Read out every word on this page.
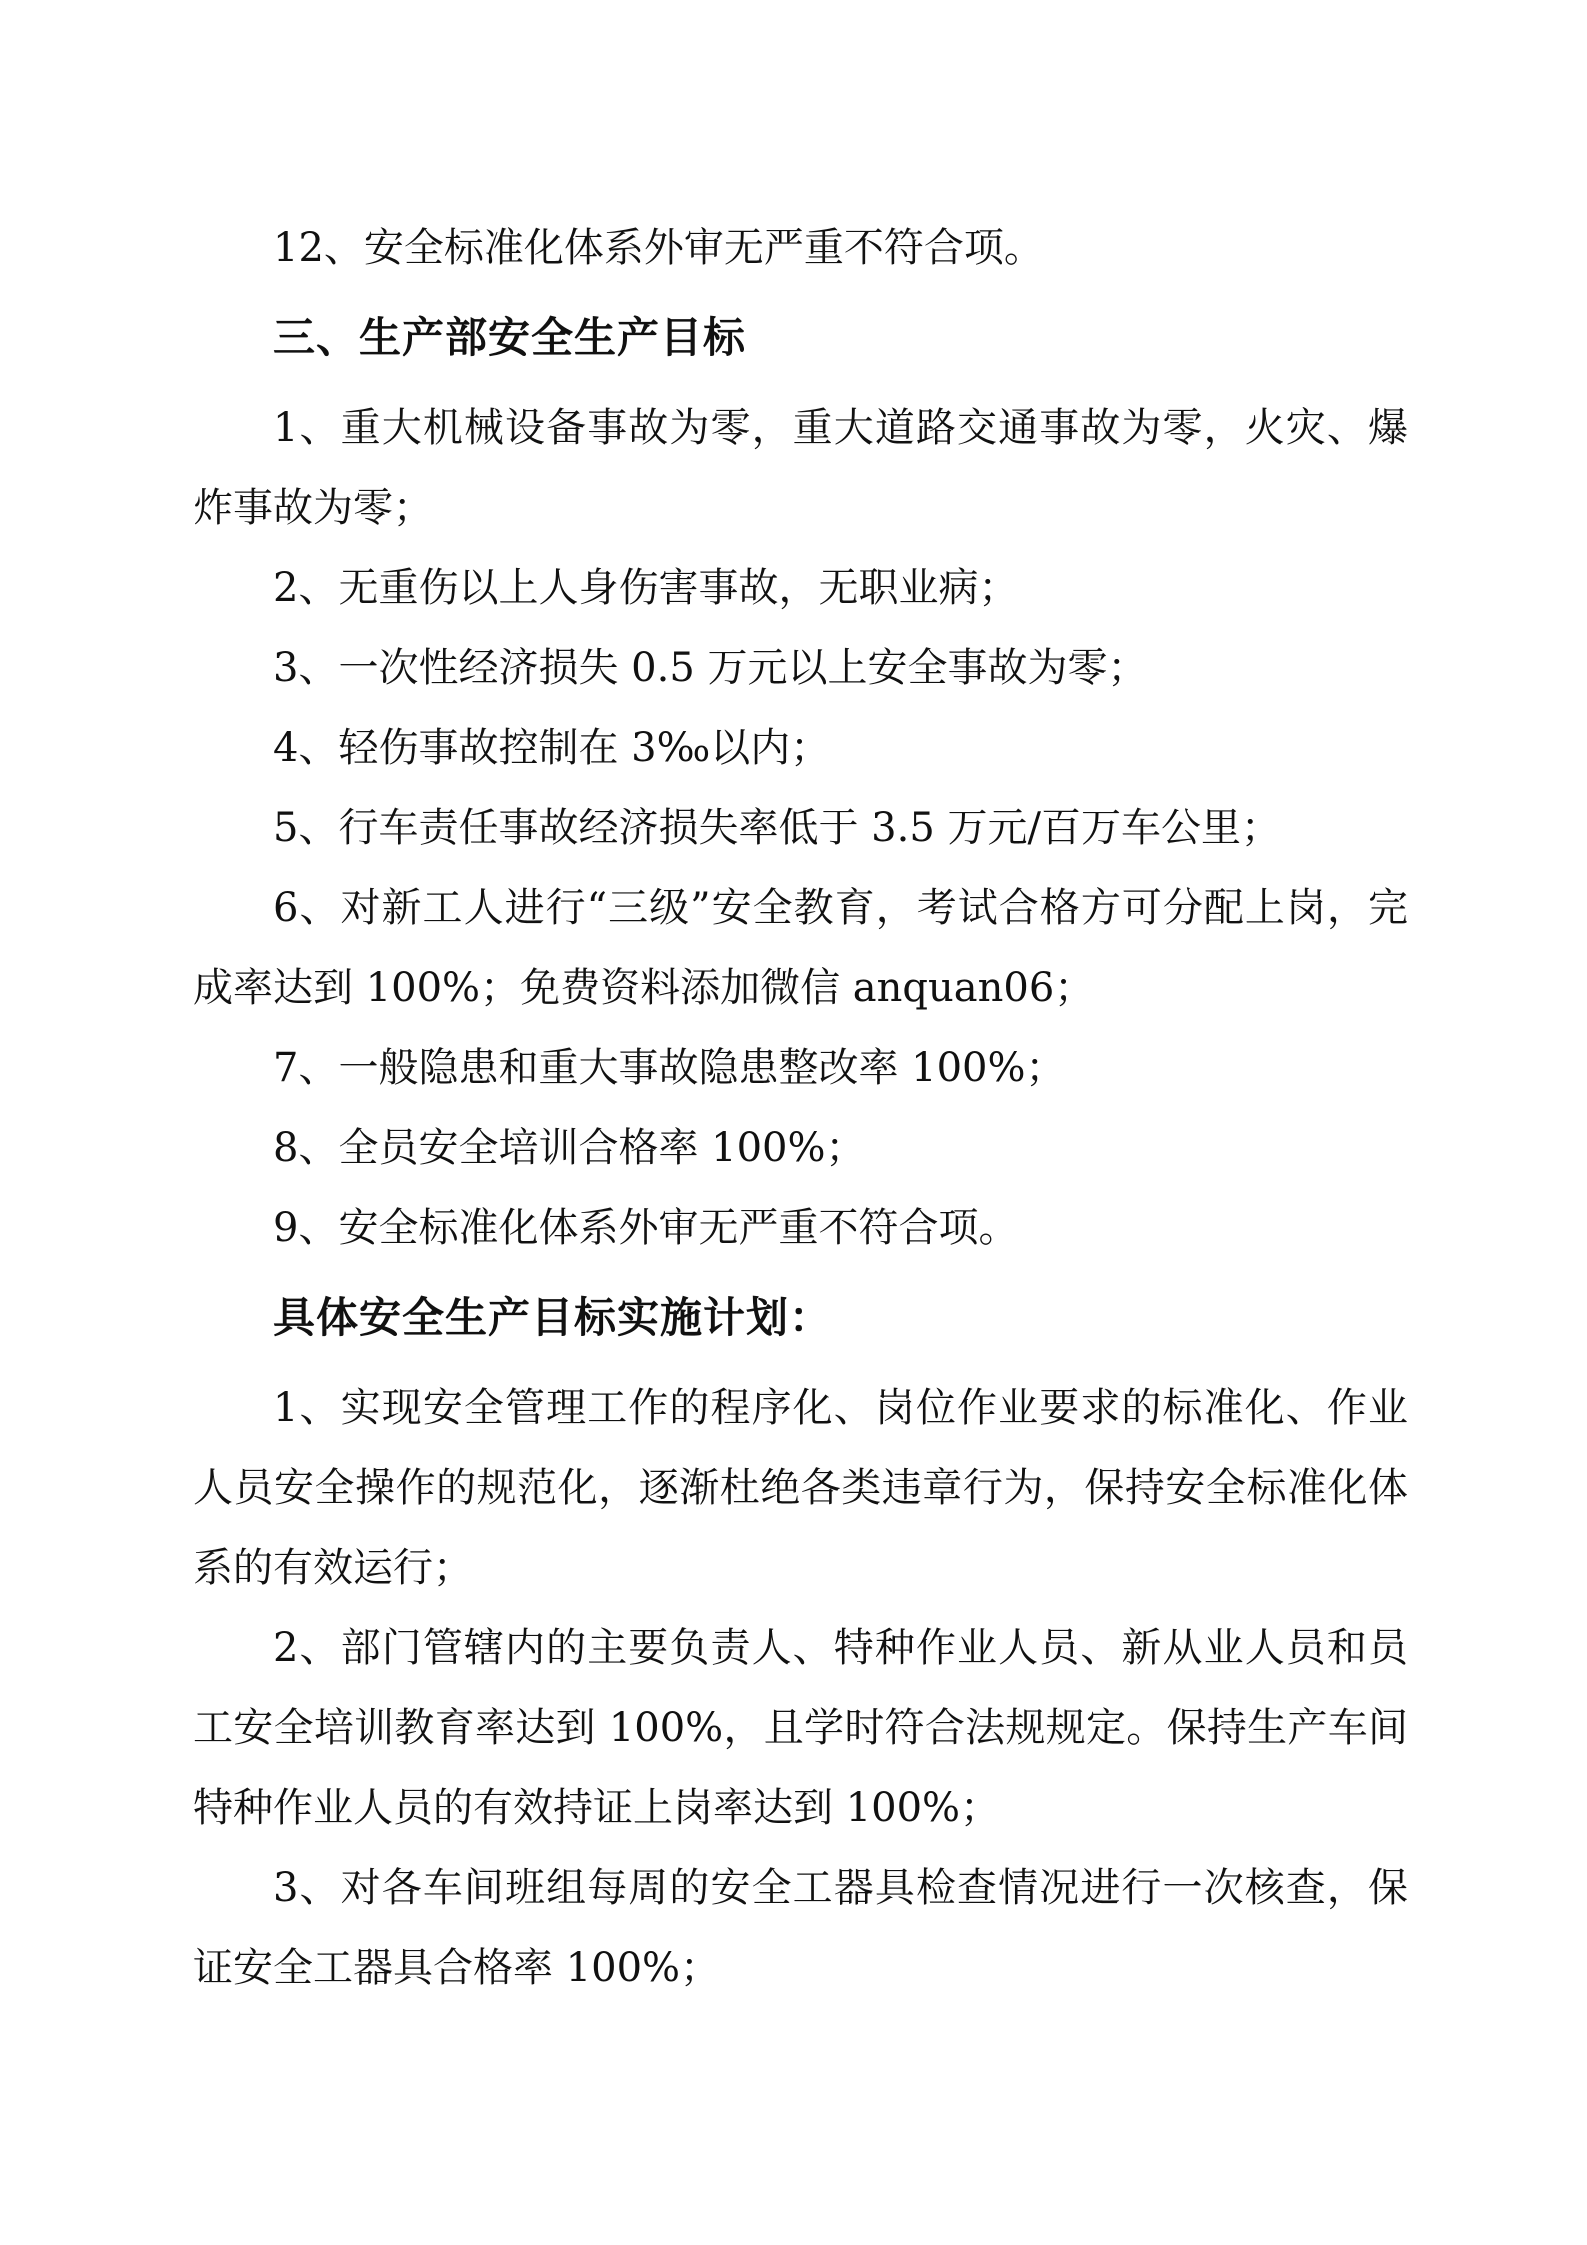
12、安全标准化体系外审无严重不符合项。

三、生产部安全生产目标

1、重大机械设备事故为零，重大道路交通事故为零，火灾、爆炸事故为零；

2、无重伤以上人身伤害事故，无职业病；

3、一次性经济损失 0.5 万元以上安全事故为零；

4、轻伤事故控制在 3‰以内；

5、行车责任事故经济损失率低于 3.5 万元/百万车公里；

6、对新工人进行“三级”安全教育，考试合格方可分配上岗，完成率达到 100%；免费资料添加微信 anquan06；

7、一般隐患和重大事故隐患整改率 100%；

8、全员安全培训合格率 100%；

9、安全标准化体系外审无严重不符合项。

具体安全生产目标实施计划：

1、实现安全管理工作的程序化、岗位作业要求的标准化、作业人员安全操作的规范化，逐渐杜绝各类违章行为，保持安全标准化体系的有效运行；

2、部门管辖内的主要负责人、特种作业人员、新从业人员和员工安全培训教育率达到 100%，且学时符合法规规定。保持生产车间特种作业人员的有效持证上岗率达到 100%；

3、对各车间班组每周的安全工器具检查情况进行一次核查，保证安全工器具合格率 100%；
